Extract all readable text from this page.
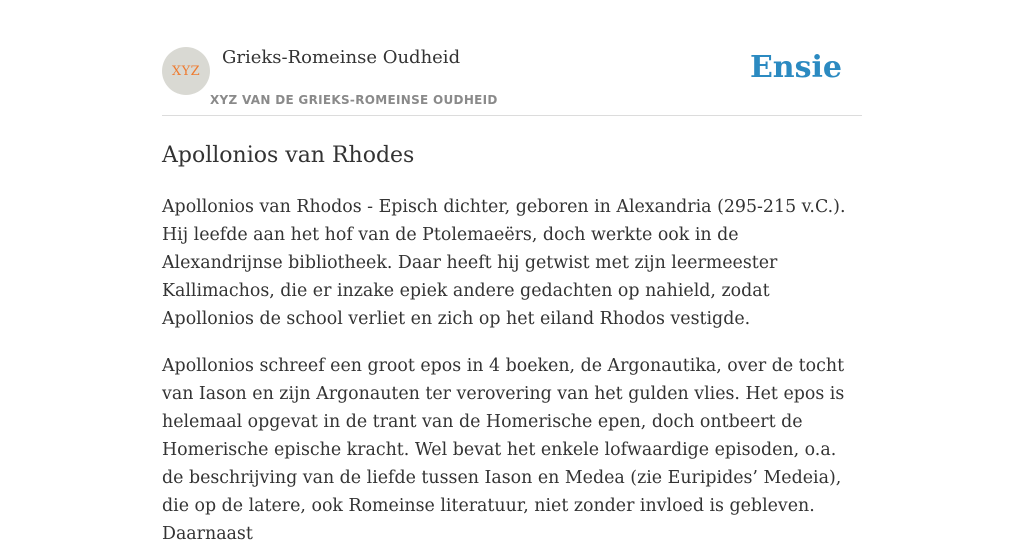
XYZ
Grieks-Romeinse Oudheid
XYZ VAN DE GRIEKS-ROMEINSE OUDHEID
Ensie
Apollonios van Rhodes

Apollonios van Rhodos - Episch dichter, geboren in Alexandria (295-215 v.C.). Hij leefde aan het hof van de Ptolemaeërs, doch werkte ook in de Alexandrijnse bibliotheek. Daar heeft hij getwist met zijn leermeester Kallimachos, die er inzake epiek andere gedachten op nahield, zodat Apollonios de school verliet en zich op het eiland Rhodos vestigde.

Apollonios schreef een groot epos in 4 boeken, de Argonautika, over de tocht van Iason en zijn Argonauten ter verovering van het gulden vlies. Het epos is helemaal opgevat in de trant van de Homerische epen, doch ontbeert de Homerische epische kracht. Wel bevat het enkele lofwaardige episoden, o.a. de beschrijving van de liefde tussen Iason en Medea (zie Euripides’ Medeia), die op de latere, ook Romeinse literatuur, niet zonder invloed is gebleven. Daarnaast
